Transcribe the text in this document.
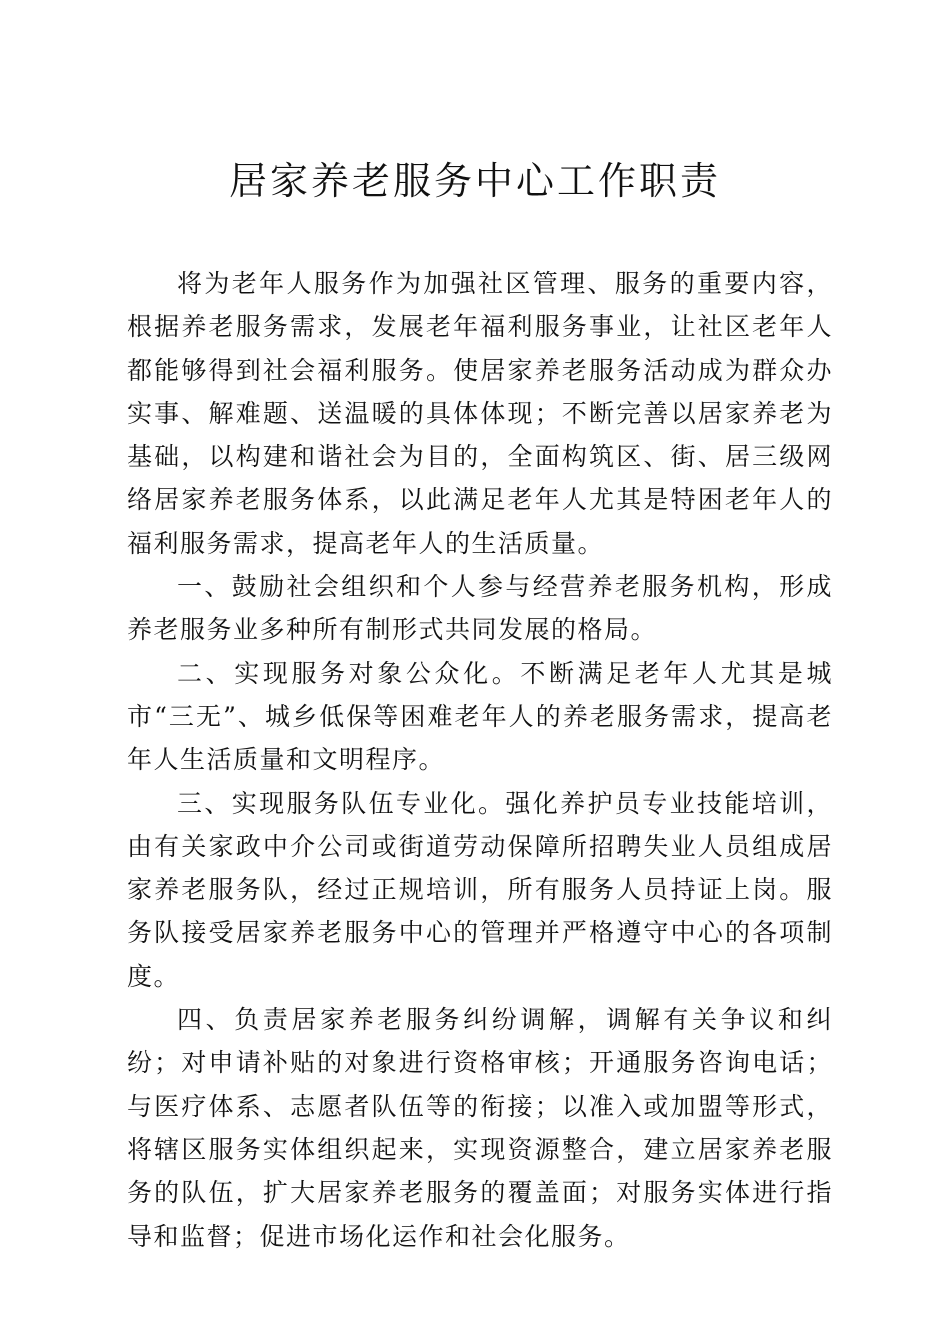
居家养老服务中心工作职责

将为老年人服务作为加强社区管理、服务的重要内容，根据养老服务需求，发展老年福利服务事业，让社区老年人都能够得到社会福利服务。使居家养老服务活动成为群众办实事、解难题、送温暖的具体体现；不断完善以居家养老为基础，以构建和谐社会为目的，全面构筑区、街、居三级网络居家养老服务体系，以此满足老年人尤其是特困老年人的福利服务需求，提高老年人的生活质量。

一、鼓励社会组织和个人参与经营养老服务机构，形成养老服务业多种所有制形式共同发展的格局。

二、实现服务对象公众化。不断满足老年人尤其是城市“三无”、城乡低保等困难老年人的养老服务需求，提高老年人生活质量和文明程序。

三、实现服务队伍专业化。强化养护员专业技能培训，由有关家政中介公司或街道劳动保障所招聘失业人员组成居家养老服务队，经过正规培训，所有服务人员持证上岗。服务队接受居家养老服务中心的管理并严格遵守中心的各项制度。

四、负责居家养老服务纠纷调解，调解有关争议和纠纷；对申请补贴的对象进行资格审核；开通服务咨询电话；与医疗体系、志愿者队伍等的衔接；以准入或加盟等形式，将辖区服务实体组织起来，实现资源整合，建立居家养老服务的队伍，扩大居家养老服务的覆盖面；对服务实体进行指导和监督；促进市场化运作和社会化服务。
